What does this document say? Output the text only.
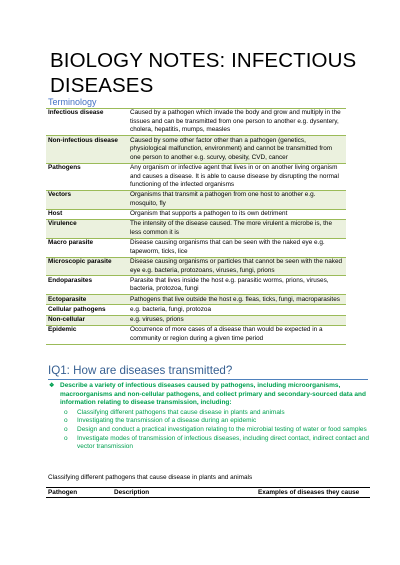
BIOLOGY NOTES: INFECTIOUS DISEASES
Terminology
Infectious disease	Caused by a pathogen which invade the body and grow and multiply in the tissues and can be transmitted from one person to another e.g. dysentery, cholera, hepatitis, mumps, measles
Non-infectious disease	Caused by some other factor other than a pathogen (genetics, physiological malfunction, environment) and cannot be transmitted from one person to another e.g. scurvy, obesity, CVD, cancer
Pathogens	Any organism or infective agent that lives in or on another living organism and causes a disease. It is able to cause disease by disrupting the normal functioning of the infected organisms
Vectors	Organisms that transmit a pathogen from one host to another e.g. mosquito, fly
Host	Organism that supports a pathogen to its own detriment
Virulence	The intensity of the disease caused. The more virulent a microbe is, the less common it is
Macro parasite	Disease causing organisms that can be seen with the naked eye e.g. tapeworm, ticks, lice
Microscopic parasite	Disease causing organisms or particles that cannot be seen with the naked eye e.g. bacteria, protozoans, viruses, fungi, prions
Endoparasites	Parasite that lives inside the host e.g. parasitic worms, prions, viruses, bacteria, protozoa, fungi
Ectoparasite	Pathogens that live outside the host e.g. fleas, ticks, fungi, macroparasites
Cellular pathogens	e.g. bacteria, fungi, protozoa
Non-cellular	e.g. viruses, prions
Epidemic	Occurrence of more cases of a disease than would be expected in a community or region during a given time period
IQ1: How are diseases transmitted?
❖ Describe a variety of infectious diseases caused by pathogens, including microorganisms, macroorganisms and non-cellular pathogens, and collect primary and secondary-sourced data and information relating to disease transmission, including:
o Classifying different pathogens that cause disease in plants and animals
o Investigating the transmission of a disease during an epidemic
o Design and conduct a practical investigation relating to the microbial testing of water or food samples
o Investigate modes of transmission of infectious diseases, including direct contact, indirect contact and vector transmission
Classifying different pathogens that cause disease in plants and animals
Pathogen	Description	Examples of diseases they cause
